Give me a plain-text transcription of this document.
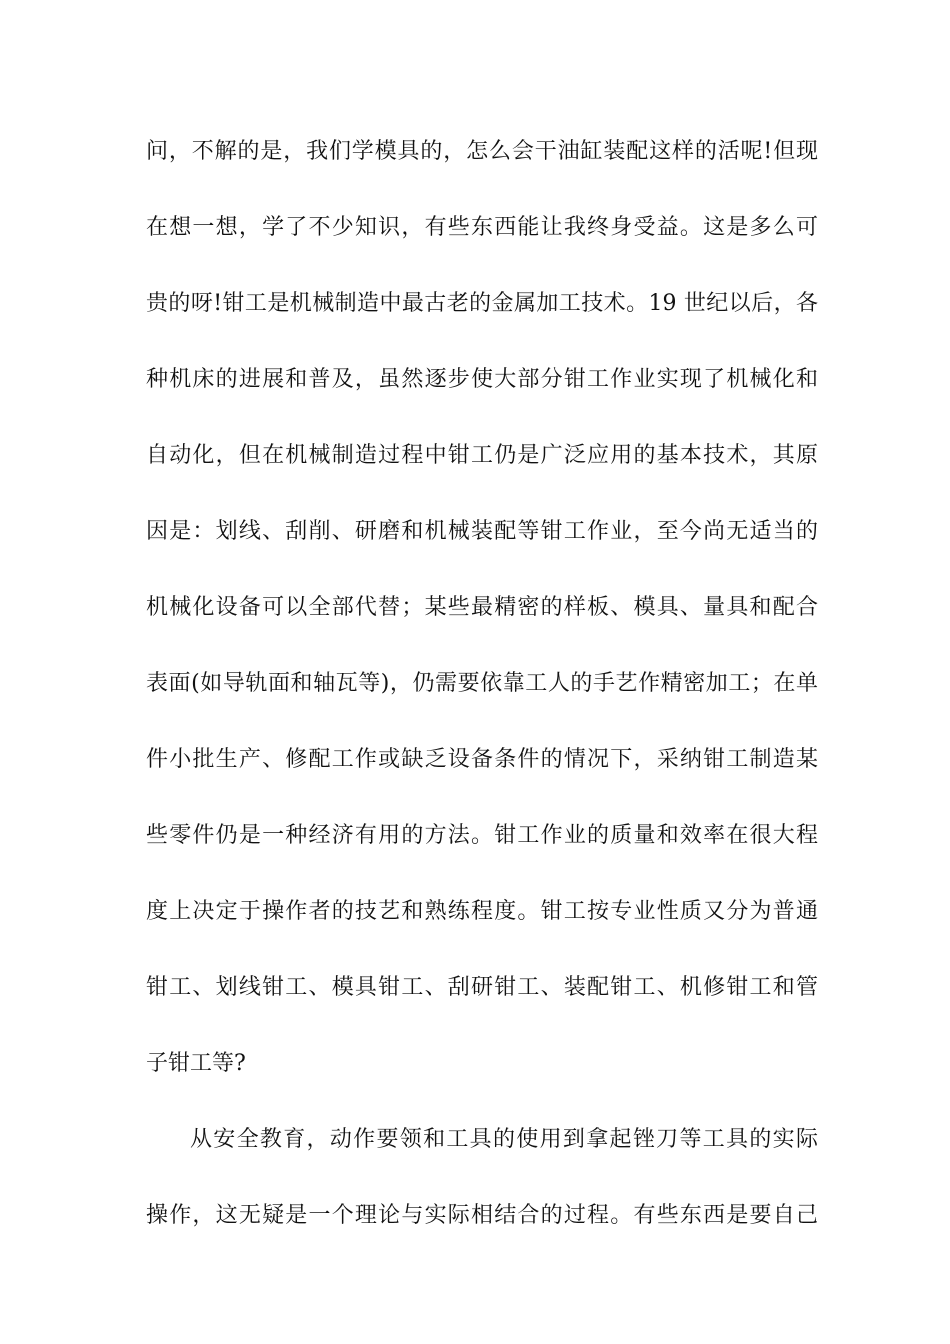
问，不解的是，我们学模具的，怎么会干油缸装配这样的活呢!但现
在想一想，学了不少知识，有些东西能让我终身受益。这是多么可
贵的呀!钳工是机械制造中最古老的金属加工技术。19 世纪以后，各
种机床的进展和普及，虽然逐步使大部分钳工作业实现了机械化和
自动化，但在机械制造过程中钳工仍是广泛应用的基本技术，其原
因是：划线、刮削、研磨和机械装配等钳工作业，至今尚无适当的
机械化设备可以全部代替；某些最精密的样板、模具、量具和配合
表面(如导轨面和轴瓦等)，仍需要依靠工人的手艺作精密加工；在单
件小批生产、修配工作或缺乏设备条件的情况下，采纳钳工制造某
些零件仍是一种经济有用的方法。钳工作业的质量和效率在很大程
度上决定于操作者的技艺和熟练程度。钳工按专业性质又分为普通
钳工、划线钳工、模具钳工、刮研钳工、装配钳工、机修钳工和管
子钳工等?
从安全教育，动作要领和工具的使用到拿起锉刀等工具的实际
操作，这无疑是一个理论与实际相结合的过程。有些东西是要自己
